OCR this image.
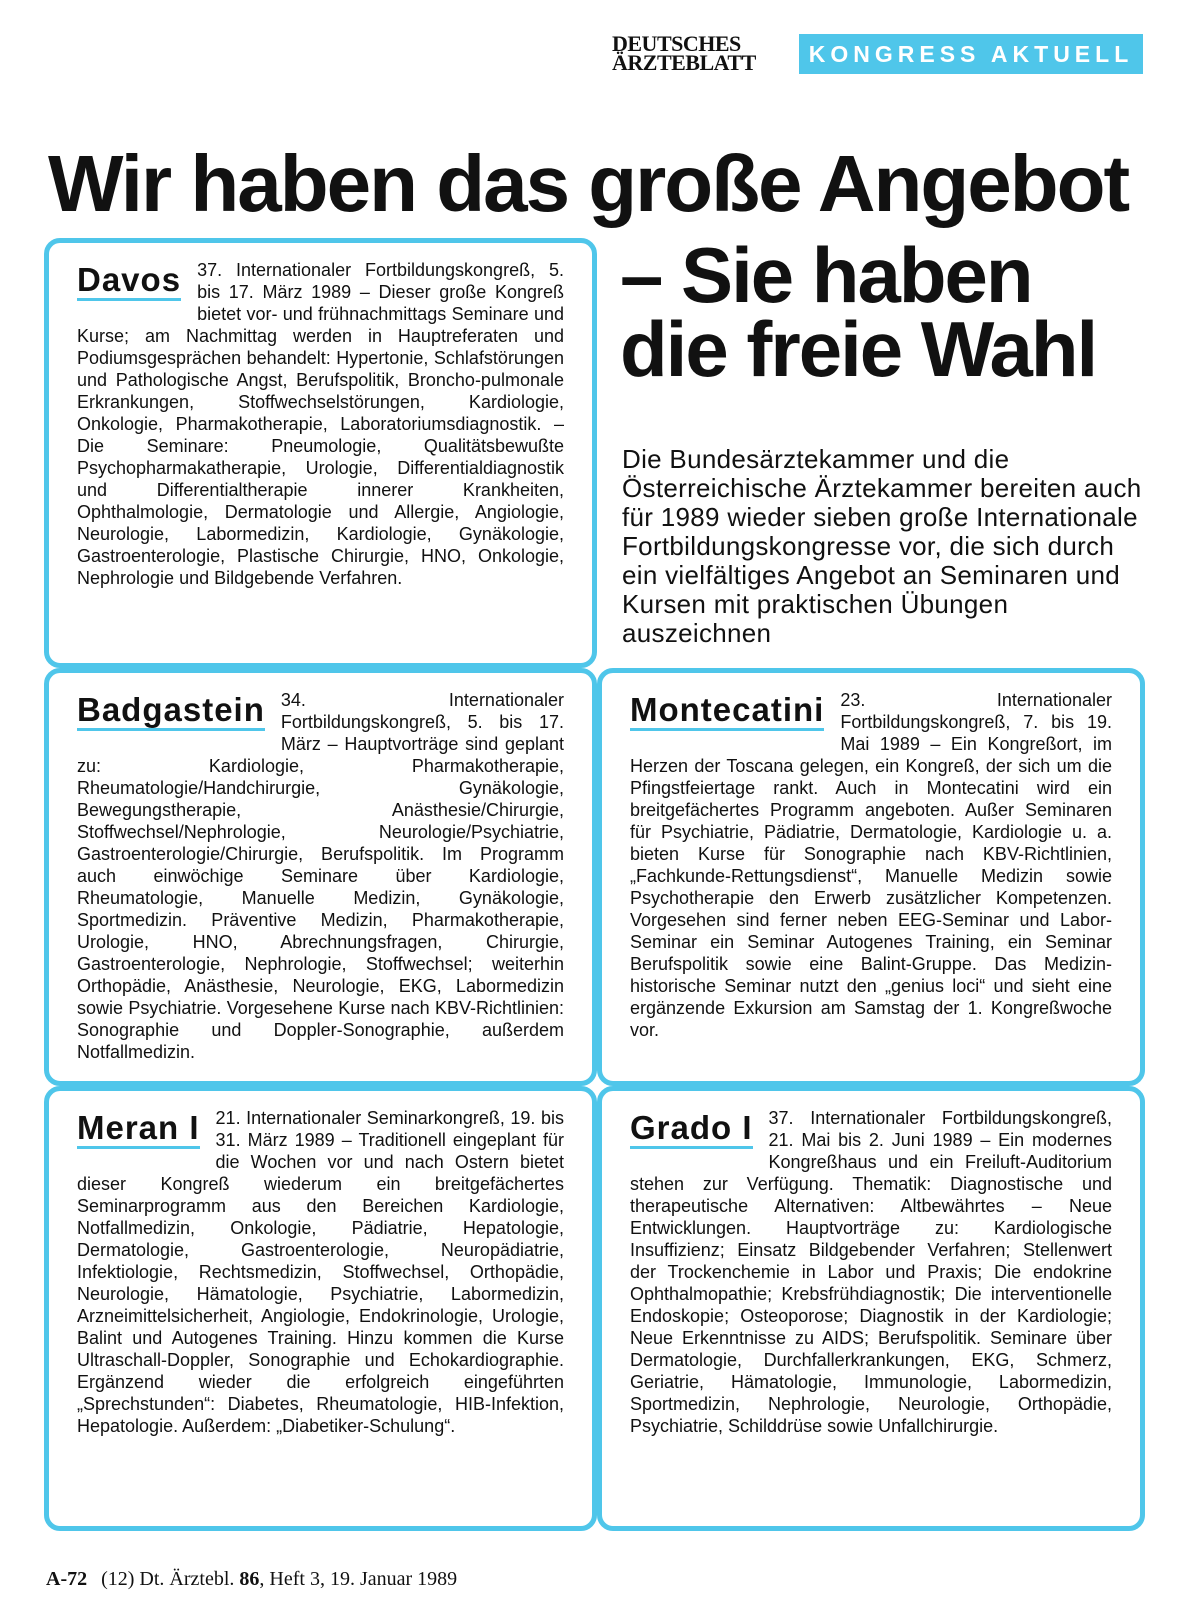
DEUTSCHES
ÄRZTEBLATT	KONGRESS AKTUELL
Wir haben das große Angebot
– Sie haben
die freie Wahl

Die Bundesärztekammer und die Österreichische Ärztekammer bereiten auch für 1989 wieder sieben große Internationale Fortbildungskongresse vor, die sich durch ein vielfältiges Angebot an Seminaren und Kursen mit praktischen Übungen auszeichnen

Davos 37. Internationaler Fortbildungskongreß, 5. bis 17. März 1989 – Dieser große Kongreß bietet vor- und frühnachmittags Seminare und Kurse; am Nachmittag werden in Hauptreferaten und Podiumsgesprächen behandelt: Hypertonie, Schlafstörungen und Pathologische Angst, Berufspolitik, Broncho-pulmonale Erkrankungen, Stoffwechselstörungen, Kardiologie, Onkologie, Pharmakotherapie, Laboratoriumsdiagnostik. – Die Seminare: Pneumologie, Qualitätsbewußte Psychopharmakatherapie, Urologie, Differentialdiagnostik und Differentialtherapie innerer Krankheiten, Ophthalmologie, Dermatologie und Allergie, Angiologie, Neurologie, Labormedizin, Kardiologie, Gynäkologie, Gastroenterologie, Plastische Chirurgie, HNO, Onkologie, Nephrologie und Bildgebende Verfahren.

Badgastein 34. Internationaler Fortbildungskongreß, 5. bis 17. März – Hauptvorträge sind geplant zu: Kardiologie, Pharmakotherapie, Rheumatologie/Handchirurgie, Gynäkologie, Bewegungstherapie, Anästhesie/Chirurgie, Stoffwechsel/Nephrologie, Neurologie/Psychiatrie, Gastroenterologie/Chirurgie, Berufspolitik. Im Programm auch einwöchige Seminare über Kardiologie, Rheumatologie, Manuelle Medizin, Gynäkologie, Sportmedizin. Präventive Medizin, Pharmakotherapie, Urologie, HNO, Abrechnungsfragen, Chirurgie, Gastroenterologie, Nephrologie, Stoffwechsel; weiterhin Orthopädie, Anästhesie, Neurologie, EKG, Labormedizin sowie Psychiatrie. Vorgesehene Kurse nach KBV-Richtlinien: Sonographie und Doppler-Sonographie, außerdem Notfallmedizin.

Montecatini 23. Internationaler Fortbildungskongreß, 7. bis 19. Mai 1989 – Ein Kongreßort, im Herzen der Toscana gelegen, ein Kongreß, der sich um die Pfingstfeiertage rankt. Auch in Montecatini wird ein breitgefächertes Programm angeboten. Außer Seminaren für Psychiatrie, Pädiatrie, Dermatologie, Kardiologie u. a. bieten Kurse für Sonographie nach KBV-Richtlinien, „Fachkunde-Rettungsdienst“, Manuelle Medizin sowie Psychotherapie den Erwerb zusätzlicher Kompetenzen. Vorgesehen sind ferner neben EEG-Seminar und Labor-Seminar ein Seminar Autogenes Training, ein Seminar Berufspolitik sowie eine Balint-Gruppe. Das Medizin-historische Seminar nutzt den „genius loci“ und sieht eine ergänzende Exkursion am Samstag der 1. Kongreßwoche vor.

Meran I 21. Internationaler Seminarkongreß, 19. bis 31. März 1989 – Traditionell eingeplant für die Wochen vor und nach Ostern bietet dieser Kongreß wiederum ein breitgefächertes Seminarprogramm aus den Bereichen Kardiologie, Notfallmedizin, Onkologie, Pädiatrie, Hepatologie, Dermatologie, Gastroenterologie, Neuropädiatrie, Infektiologie, Rechtsmedizin, Stoffwechsel, Orthopädie, Neurologie, Hämatologie, Psychiatrie, Labormedizin, Arzneimittelsicherheit, Angiologie, Endokrinologie, Urologie, Balint und Autogenes Training. Hinzu kommen die Kurse Ultraschall-Doppler, Sonographie und Echokardiographie. Ergänzend wieder die erfolgreich eingeführten „Sprechstunden“: Diabetes, Rheumatologie, HIB-Infektion, Hepatologie. Außerdem: „Diabetiker-Schulung“.

Grado I 37. Internationaler Fortbildungskongreß, 21. Mai bis 2. Juni 1989 – Ein modernes Kongreßhaus und ein Freiluft-Auditorium stehen zur Verfügung. Thematik: Diagnostische und therapeutische Alternativen: Altbewährtes – Neue Entwicklungen. Hauptvorträge zu: Kardiologische Insuffizienz; Einsatz Bildgebender Verfahren; Stellenwert der Trockenchemie in Labor und Praxis; Die endokrine Ophthalmopathie; Krebsfrühdiagnostik; Die interventionelle Endoskopie; Osteoporose; Diagnostik in der Kardiologie; Neue Erkenntnisse zu AIDS; Berufspolitik. Seminare über Dermatologie, Durchfallerkrankungen, EKG, Schmerz, Geriatrie, Hämatologie, Immunologie, Labormedizin, Sportmedizin, Nephrologie, Neurologie, Orthopädie, Psychiatrie, Schilddrüse sowie Unfallchirurgie.

A-72 (12) Dt. Ärztebl. 86, Heft 3, 19. Januar 1989
